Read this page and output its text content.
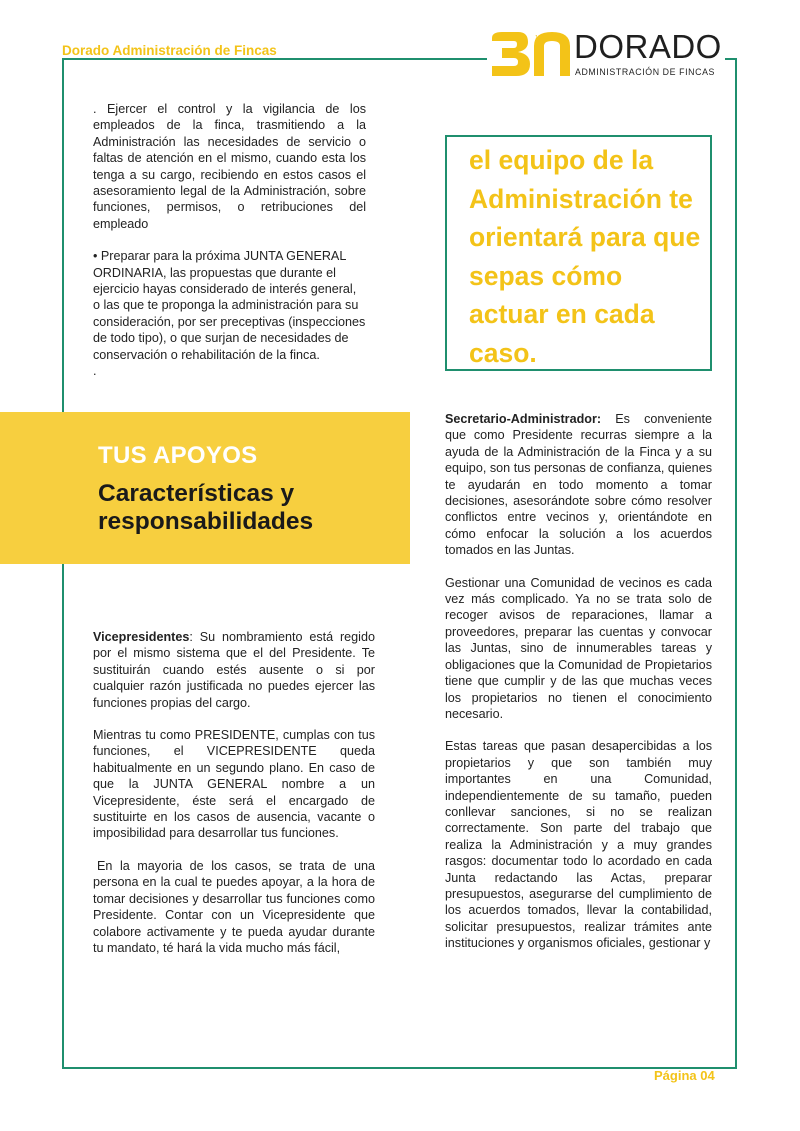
Dorado Administración de Fincas
1989/2019 DORADO
ADMINISTRACIÓN DE FINCAS

. Ejercer el control y la vigilancia de los empleados de la finca, trasmitiendo a la Administración las necesidades de servicio o faltas de atención en el mismo, cuando esta los tenga a su cargo, recibiendo en estos casos el asesoramiento legal de la Administración, sobre funciones, permisos, o retribuciones del empleado

• Preparar para la próxima JUNTA GENERAL ORDINARIA, las propuestas que durante el ejercicio hayas considerado de interés general, o las que te proponga la administración para su consideración, por ser preceptivas (inspecciones de todo tipo), o que surjan de necesidades de conservación o rehabilitación de la finca.

.

el equipo de la Administración te orientará para que sepas cómo actuar en cada caso.
TUS APOYOS
Características y responsabilidades

Vicepresidentes: Su nombramiento está regido por el mismo sistema que el del Presidente. Te sustituirán cuando estés ausente o si por cualquier razón justificada no puedes ejercer las funciones propias del cargo.

Mientras tu como PRESIDENTE, cumplas con tus funciones, el VICEPRESIDENTE queda habitualmente en un segundo plano. En caso de que la JUNTA GENERAL nombre a un Vicepresidente, éste será el encargado de sustituirte en los casos de ausencia, vacante o imposibilidad para desarrollar tus funciones.

En la mayoria de los casos, se trata de una persona en la cual te puedes apoyar, a la hora de tomar decisiones y desarrollar tus funciones como Presidente. Contar con un Vicepresidente que colabore activamente y te pueda ayudar durante tu mandato, té hará la vida mucho más fácil,

Secretario-Administrador: Es conveniente que como Presidente recurras siempre a la ayuda de la Administración de la Finca y a su equipo, son tus personas de confianza, quienes te ayudarán en todo momento a tomar decisiones, asesorándote sobre cómo resolver conflictos entre vecinos y, orientándote en cómo enfocar la solución a los acuerdos tomados en las Juntas.

Gestionar una Comunidad de vecinos es cada vez más complicado. Ya no se trata solo de recoger avisos de reparaciones, llamar a proveedores, preparar las cuentas y convocar las Juntas, sino de innumerables tareas y obligaciones que la Comunidad de Propietarios tiene que cumplir y de las que muchas veces los propietarios no tienen el conocimiento necesario.

Estas tareas que pasan desapercibidas a los propietarios y que son también muy importantes en una Comunidad, independientemente de su tamaño, pueden conllevar sanciones, si no se realizan correctamente. Son parte del trabajo que realiza la Administración y a muy grandes rasgos: documentar todo lo acordado en cada Junta redactando las Actas, preparar presupuestos, asegurarse del cumplimiento de los acuerdos tomados, llevar la contabilidad, solicitar presupuestos, realizar trámites ante instituciones y organismos oficiales, gestionar y

Página 04
